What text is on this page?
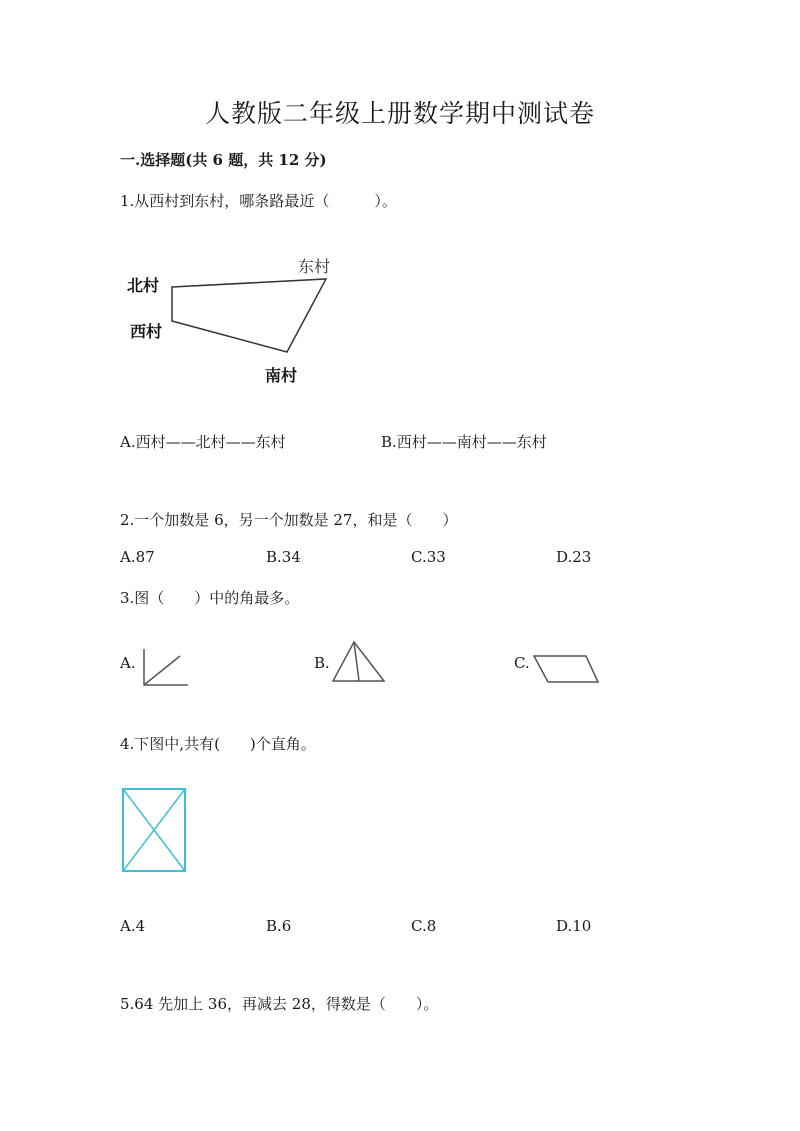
人教版二年级上册数学期中测试卷
一.选择题(共 6 题，共 12 分)
1.从西村到东村，哪条路最近（　　　）。
北村
西村
东村
南村
A.西村——北村——东村	B.西村——南村——东村
2.一个加数是 6，另一个加数是 27，和是（　　）
A.87	B.34	C.33	D.23
3.图（　　）中的角最多。
A.	B.	C.
4.下图中,共有(　　)个直角。
A.4	B.6	C.8	D.10
5.64 先加上 36，再减去 28，得数是（　　）。
